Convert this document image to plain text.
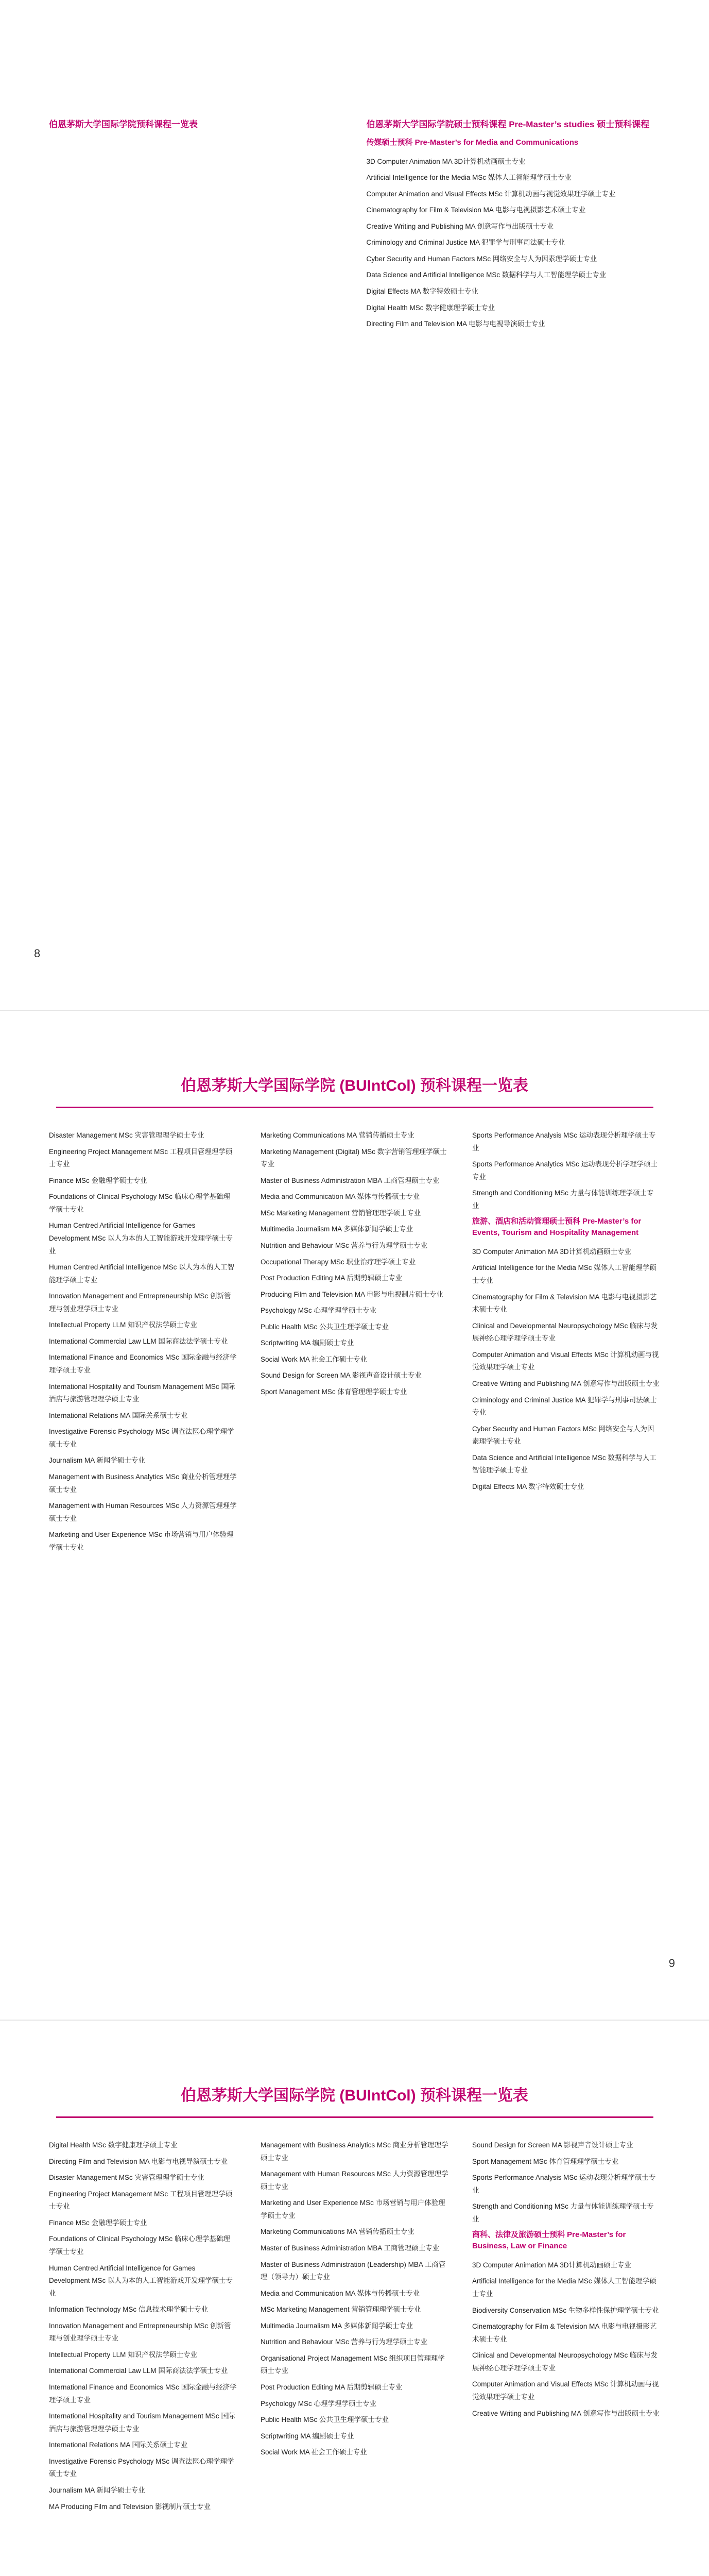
伯恩茅斯大学国际学院预科课程一览表	伯恩茅斯大学国际学院硕士预科课程 Pre-Master’s studies 硕士预科课程
传媒硕士预科 Pre-Master’s for Media and Communications

3D Computer Animation MA 3D计算机动画硕士专业

Artificial Intelligence for the Media MSc 媒体人工智能理学硕士专业

Computer Animation and Visual Effects MSc 计算机动画与视觉效果理学硕士专业

Cinematography for Film & Television MA 电影与电视摄影艺术硕士专业

Creative Writing and Publishing MA 创意写作与出版硕士专业

Criminology and Criminal Justice MA 犯罪学与刑事司法硕士专业

Cyber Security and Human Factors MSc 网络安全与人为因素理学硕士专业

Data Science and Artificial Intelligence MSc 数据科学与人工智能理学硕士专业

Digital Effects MA 数字特效硕士专业

Digital Health MSc 数字健康理学硕士专业

Directing Film and Television MA 电影与电视导演硕士专业

8
伯恩茅斯大学国际学院 (BUIntCol) 预科课程一览表

Disaster Management MSc 灾害管理理学硕士专业

Engineering Project Management MSc 工程项目管理理学硕士专业

Finance MSc 金融理学硕士专业

Foundations of Clinical Psychology MSc 临床心理学基础理学硕士专业

Human Centred Artificial Intelligence for Games Development MSc 以人为本的人工智能游戏开发理学硕士专业

Human Centred Artificial Intelligence MSc 以人为本的人工智能理学硕士专业

Innovation Management and Entrepreneurship MSc 创新管理与创业理学硕士专业

Intellectual Property LLM 知识产权法学硕士专业

International Commercial Law LLM 国际商法法学硕士专业

International Finance and Economics MSc 国际金融与经济学理学硕士专业

International Hospitality and Tourism Management MSc 国际酒店与旅游管理理学硕士专业

International Relations MA 国际关系硕士专业

Investigative Forensic Psychology MSc 调查法医心理学理学硕士专业

Journalism MA 新闻学硕士专业

Management with Business Analytics MSc 商业分析管理理学硕士专业

Management with Human Resources MSc 人力资源管理理学硕士专业

Marketing and User Experience MSc 市场营销与用户体验理学硕士专业

Marketing Communications MA 营销传播硕士专业

Marketing Management (Digital) MSc 数字营销管理理学硕士专业

Master of Business Administration MBA 工商管理硕士专业

Media and Communication MA 媒体与传播硕士专业

MSc Marketing Management 营销管理理学硕士专业

Multimedia Journalism MA 多媒体新闻学硕士专业

Nutrition and Behaviour MSc 营养与行为理学硕士专业

Occupational Therapy MSc 职业治疗理学硕士专业

Post Production Editing MA 后期剪辑硕士专业

Producing Film and Television MA 电影与电视制片硕士专业

Psychology MSc 心理学理学硕士专业

Public Health MSc 公共卫生理学硕士专业

Scriptwriting MA 编剧硕士专业

Social Work MA 社会工作硕士专业

Sound Design for Screen MA 影视声音设计硕士专业

Sport Management MSc 体育管理理学硕士专业

Sports Performance Analysis MSc 运动表现分析理学硕士专业

Sports Performance Analytics MSc 运动表现分析学理学硕士专业

Strength and Conditioning MSc 力量与体能训练理学硕士专业

旅游、酒店和活动管理硕士预科 Pre-Master’s for Events, Tourism and Hospitality Management

3D Computer Animation MA 3D计算机动画硕士专业

Artificial Intelligence for the Media MSc 媒体人工智能理学硕士专业

Cinematography for Film & Television MA 电影与电视摄影艺术硕士专业

Clinical and Developmental Neuropsychology MSc 临床与发展神经心理学理学硕士专业

Computer Animation and Visual Effects MSc 计算机动画与视觉效果理学硕士专业

Creative Writing and Publishing MA 创意写作与出版硕士专业

Criminology and Criminal Justice MA 犯罪学与刑事司法硕士专业

Cyber Security and Human Factors MSc 网络安全与人为因素理学硕士专业

Data Science and Artificial Intelligence MSc 数据科学与人工智能理学硕士专业

Digital Effects MA 数字特效硕士专业

9
伯恩茅斯大学国际学院 (BUIntCol) 预科课程一览表

Digital Health MSc 数字健康理学硕士专业

Directing Film and Television MA 电影与电视导演硕士专业

Disaster Management MSc 灾害管理理学硕士专业

Engineering Project Management MSc 工程项目管理理学硕士专业

Finance MSc 金融理学硕士专业

Foundations of Clinical Psychology MSc 临床心理学基础理学硕士专业

Human Centred Artificial Intelligence for Games Development MSc 以人为本的人工智能游戏开发理学硕士专业

Information Technology MSc 信息技术理学硕士专业

Innovation Management and Entrepreneurship MSc 创新管理与创业理学硕士专业

Intellectual Property LLM 知识产权法学硕士专业

International Commercial Law LLM 国际商法法学硕士专业

International Finance and Economics MSc 国际金融与经济学理学硕士专业

International Hospitality and Tourism Management MSc 国际酒店与旅游管理理学硕士专业

International Relations MA 国际关系硕士专业

Investigative Forensic Psychology MSc 调查法医心理学理学硕士专业

Journalism MA 新闻学硕士专业

MA Producing Film and Television 影视制片硕士专业

Management with Business Analytics MSc 商业分析管理理学硕士专业

Management with Human Resources MSc 人力资源管理理学硕士专业

Marketing and User Experience MSc 市场营销与用户体验理学硕士专业

Marketing Communications MA 营销传播硕士专业

Master of Business Administration MBA 工商管理硕士专业

Master of Business Administration (Leadership) MBA 工商管理（领导力）硕士专业

Media and Communication MA 媒体与传播硕士专业

MSc Marketing Management 营销管理理学硕士专业

Multimedia Journalism MA 多媒体新闻学硕士专业

Nutrition and Behaviour MSc 营养与行为理学硕士专业

Organisational Project Management MSc 组织项目管理理学硕士专业

Post Production Editing MA 后期剪辑硕士专业

Psychology MSc 心理学理学硕士专业

Public Health MSc 公共卫生理学硕士专业

Scriptwriting MA 编剧硕士专业

Social Work MA 社会工作硕士专业

Sound Design for Screen MA 影视声音设计硕士专业

Sport Management MSc 体育管理理学硕士专业

Sports Performance Analysis MSc 运动表现分析理学硕士专业

Strength and Conditioning MSc 力量与体能训练理学硕士专业

商科、法律及旅游硕士预科 Pre-Master’s for Business, Law or Finance

3D Computer Animation MA 3D计算机动画硕士专业

Artificial Intelligence for the Media MSc 媒体人工智能理学硕士专业

Biodiversity Conservation MSc 生物多样性保护理学硕士专业

Cinematography for Film & Television MA 电影与电视摄影艺术硕士专业

Clinical and Developmental Neuropsychology MSc 临床与发展神经心理学理学硕士专业

Computer Animation and Visual Effects MSc 计算机动画与视觉效果理学硕士专业

Creative Writing and Publishing MA 创意写作与出版硕士专业
